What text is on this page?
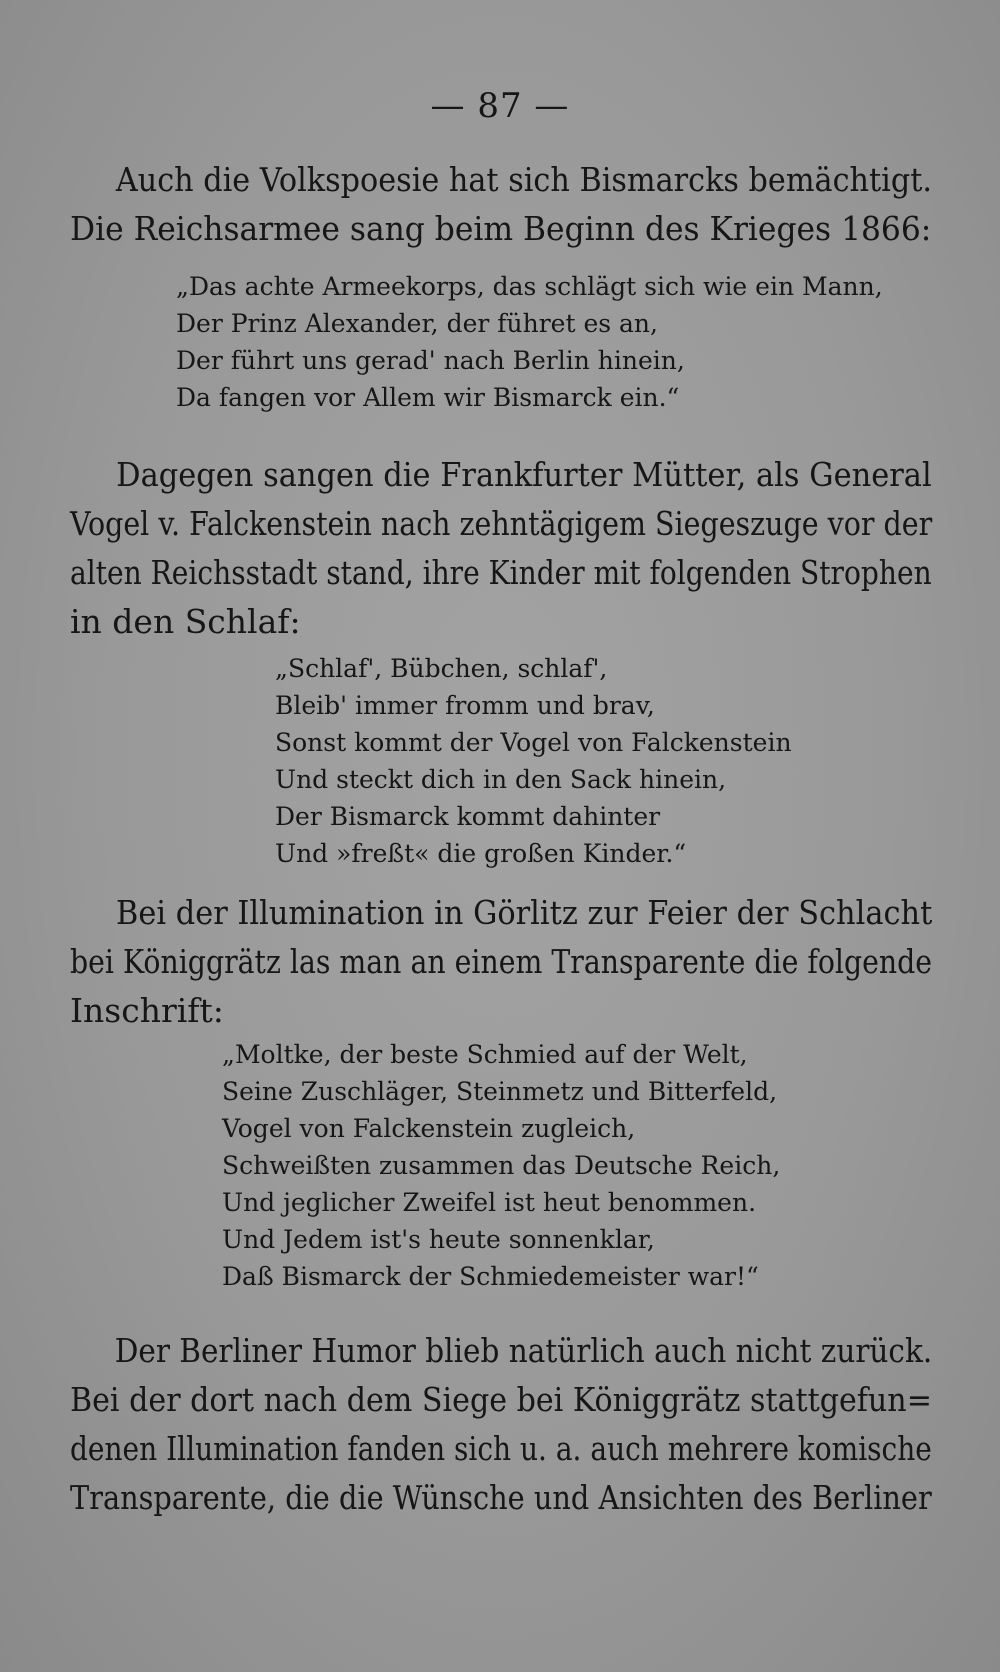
— 87 —
Auch die Volkspoesie hat sich Bismarcks bemächtigt.
Die Reichsarmee sang beim Beginn des Krieges 1866:
„Das achte Armeekorps, das schlägt sich wie ein Mann,
Der Prinz Alexander, der führet es an,
Der führt uns gerad' nach Berlin hinein,
Da fangen vor Allem wir Bismarck ein.“
Dagegen sangen die Frankfurter Mütter, als General
Vogel v. Falckenstein nach zehntägigem Siegeszuge vor der
alten Reichsstadt stand, ihre Kinder mit folgenden Strophen
in den Schlaf:
„Schlaf', Bübchen, schlaf',
Bleib' immer fromm und brav,
Sonst kommt der Vogel von Falckenstein
Und steckt dich in den Sack hinein,
Der Bismarck kommt dahinter
Und »freßt« die großen Kinder.“
Bei der Illumination in Görlitz zur Feier der Schlacht
bei Königgrätz las man an einem Transparente die folgende
Inschrift:
„Moltke, der beste Schmied auf der Welt,
Seine Zuschläger, Steinmetz und Bitterfeld,
Vogel von Falckenstein zugleich,
Schweißten zusammen das Deutsche Reich,
Und jeglicher Zweifel ist heut benommen.
Und Jedem ist's heute sonnenklar,
Daß Bismarck der Schmiedemeister war!“
Der Berliner Humor blieb natürlich auch nicht zurück.
Bei der dort nach dem Siege bei Königgrätz stattgefun=
denen Illumination fanden sich u. a. auch mehrere komische
Transparente, die die Wünsche und Ansichten des Berliner
